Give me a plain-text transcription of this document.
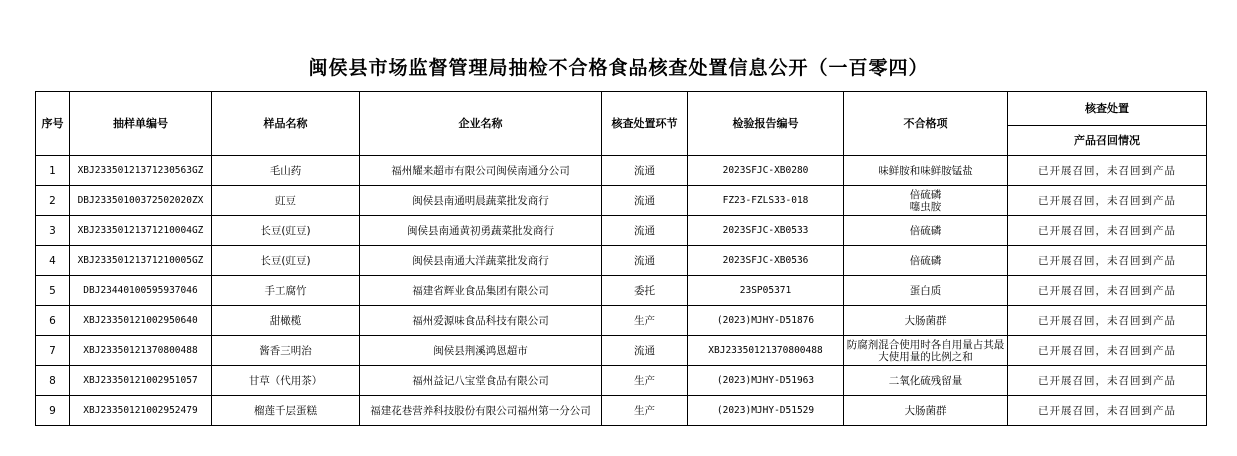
闽侯县市场监督管理局抽检不合格食品核查处置信息公开（一百零四）
序号	抽样单编号	样品名称	企业名称	核查处置环节	检验报告编号	不合格项	核查处置
							产品召回情况
1	XBJ23350121371230563GZ	毛山药	福州耀来超市有限公司闽侯南通分公司	流通	2023SFJC-XB0280	味鲜胺和味鲜胺锰盐	已开展召回，未召回到产品
2	DBJ23350100372502020ZX	豇豆	闽侯县南通明晨蔬菜批发商行	流通	FZ23-FZLS33-018	倍硫磷
噻虫胺	已开展召回，未召回到产品
3	XBJ23350121371210004GZ	长豆(豇豆)	闽侯县南通黄初勇蔬菜批发商行	流通	2023SFJC-XB0533	倍硫磷	已开展召回，未召回到产品
4	XBJ23350121371210005GZ	长豆(豇豆)	闽侯县南通大洋蔬菜批发商行	流通	2023SFJC-XB0536	倍硫磷	已开展召回，未召回到产品
5	DBJ23440100595937046	手工腐竹	福建省辉业食品集团有限公司	委托	23SP05371	蛋白质	已开展召回，未召回到产品
6	XBJ23350121002950640	甜橄榄	福州爱源味食品科技有限公司	生产	(2023)MJHY-D51876	大肠菌群	已开展召回，未召回到产品
7	XBJ23350121370800488	酱香三明治	闽侯县荆溪鸿恩超市	流通	XBJ23350121370800488	防腐剂混合使用时各自用量占其最大使用量的比例之和	已开展召回，未召回到产品
8	XBJ23350121002951057	甘草（代用茶）	福州益记八宝堂食品有限公司	生产	(2023)MJHY-D51963	二氧化硫残留量	已开展召回，未召回到产品
9	XBJ23350121002952479	榴莲千层蛋糕	福建花巷营养科技股份有限公司福州第一分公司	生产	(2023)MJHY-D51529	大肠菌群	已开展召回，未召回到产品
